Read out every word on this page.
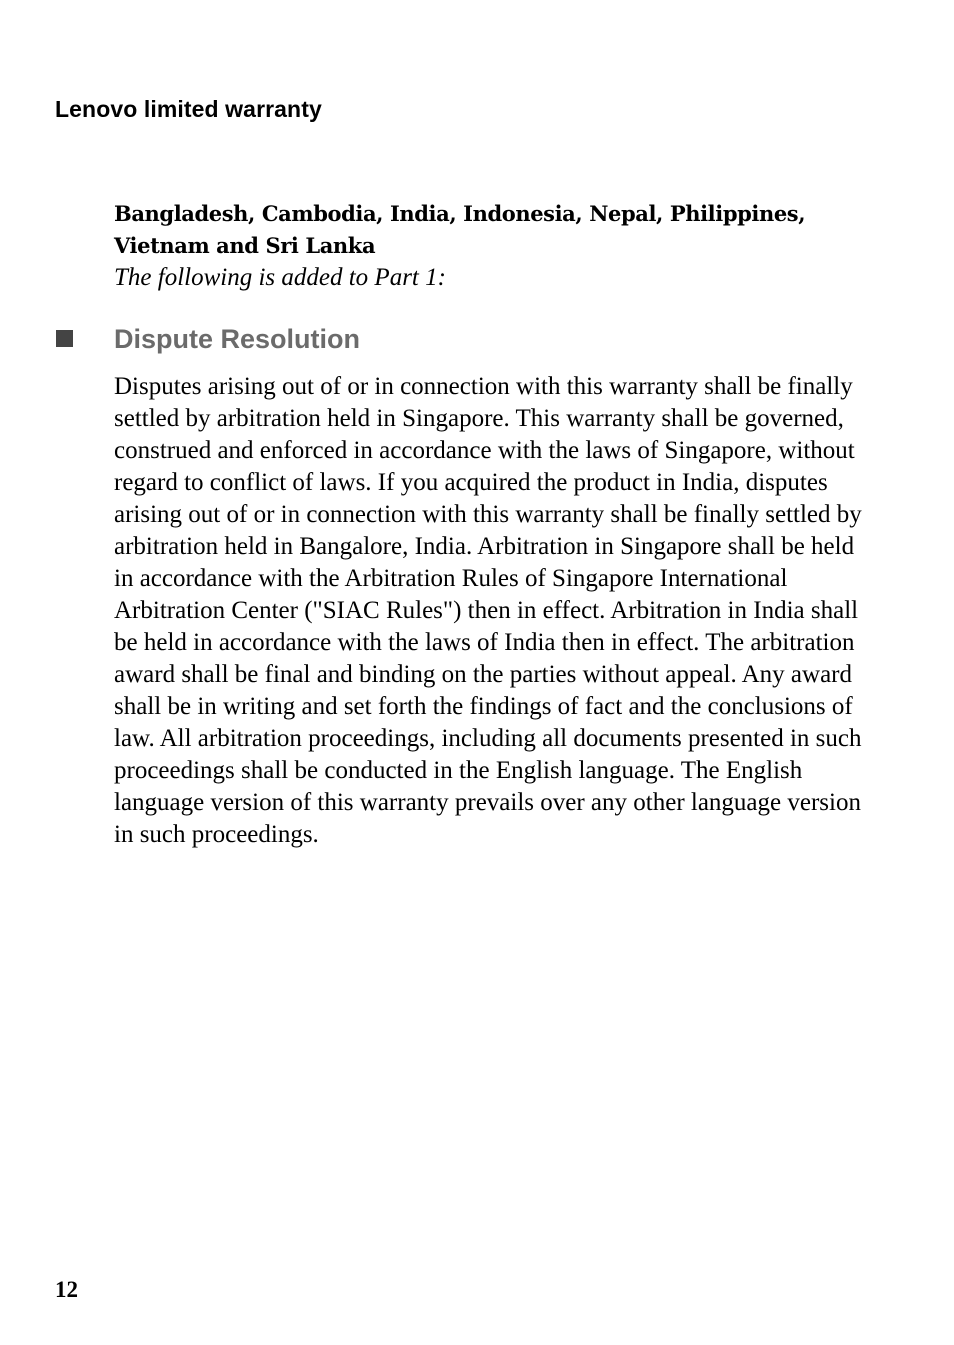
Lenovo limited warranty
Bangladesh, Cambodia, India, Indonesia, Nepal, Philippines, Vietnam and Sri Lanka
The following is added to Part 1:
Dispute Resolution

Disputes arising out of or in connection with this warranty shall be finally settled by arbitration held in Singapore. This warranty shall be governed, construed and enforced in accordance with the laws of Singapore, without regard to conflict of laws. If you acquired the product in India, disputes arising out of or in connection with this warranty shall be finally settled by arbitration held in Bangalore, India. Arbitration in Singapore shall be held in accordance with the Arbitration Rules of Singapore International Arbitration Center ("SIAC Rules") then in effect. Arbitration in India shall be held in accordance with the laws of India then in effect. The arbitration award shall be final and binding on the parties without appeal. Any award shall be in writing and set forth the findings of fact and the conclusions of law. All arbitration proceedings, including all documents presented in such proceedings shall be conducted in the English language. The English language version of this warranty prevails over any other language version in such proceedings.

12
